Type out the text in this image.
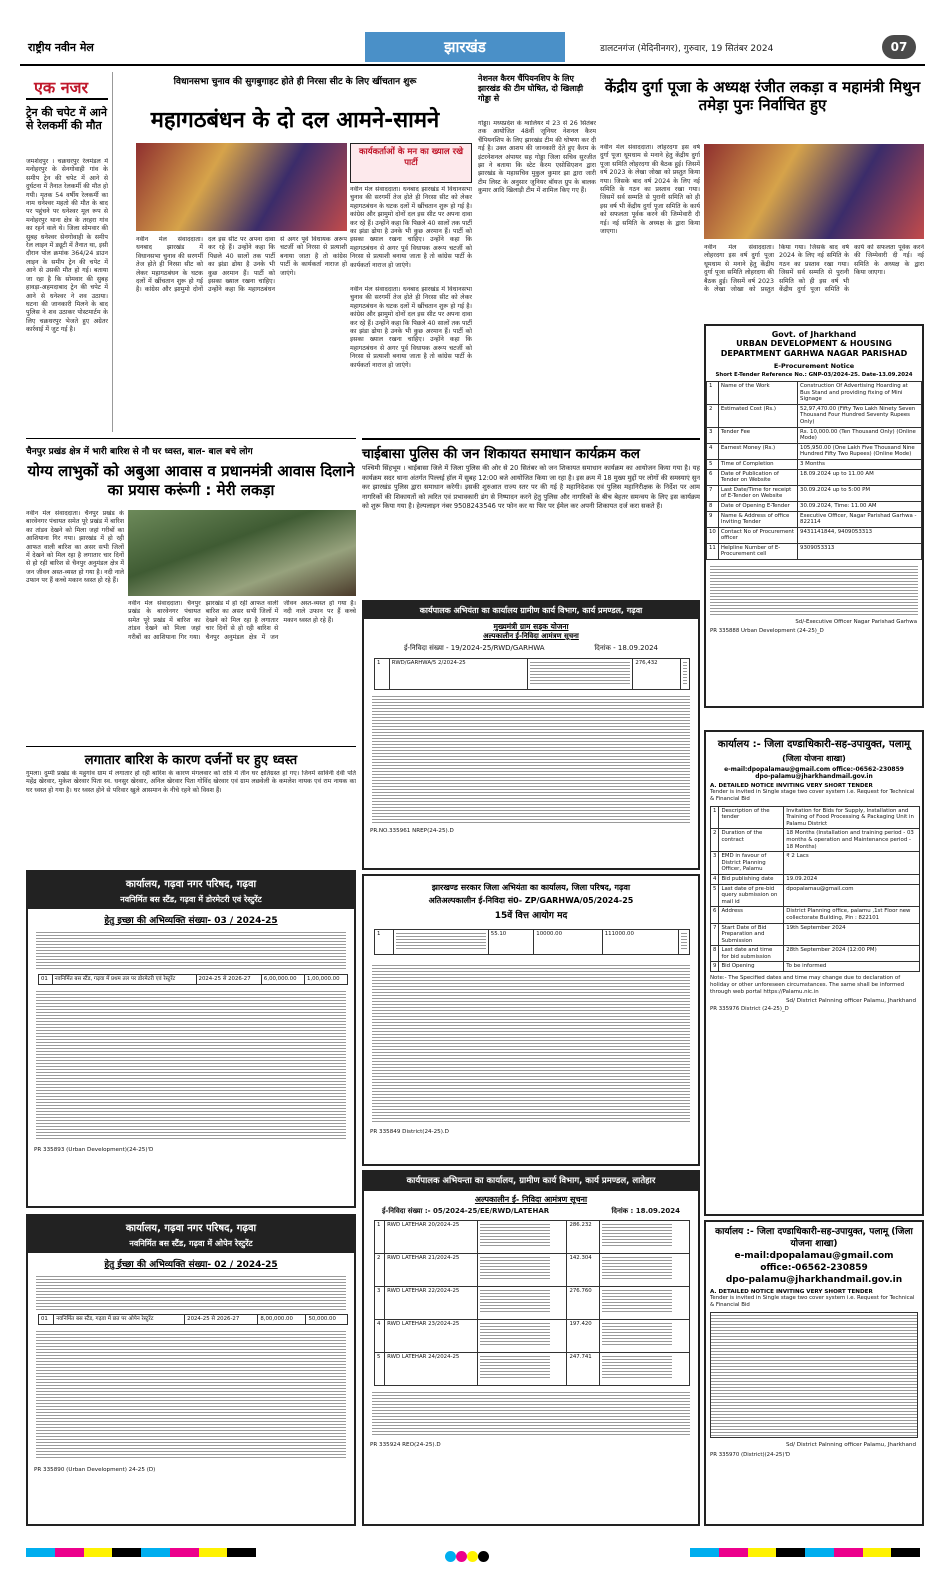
राष्ट्रीय नवीन मेल	झारखंड	डालटनगंज (मेदिनीनगर), गुरुवार, 19 सितंबर 2024	07
एक नजर
ट्रेन की चपेट में आने से रेलकर्मी की मौत
जमशेदपुर । चक्रधरपुर रेलमंडल में मनोहरपुर के सेनगोवाही गांव के समीप ट्रेन की चपेट में आने से दुर्घटना में तैनात रेलकर्मी की मौत हो गयी। मृतक 54 वर्षीय रेलकर्मी का नाम धनेश्वर महतो की मौत के बाद पर पहुंचने पर धनेश्वर मूल रूप से मनोहरपुर थाना क्षेत्र के तरहरा गांव का रहने वाले थे। जिला सोमवार की सुबह धनेश्वर सेनगोवाही के समीप रेल लाइन में ड्यूटी में तैनात था, इसी दौरान पोल क्रमांक 364/24 डाउन लाइन के समीप ट्रेन की चपेट में आने से उसकी मौत हो गई। बताया जा रहा है कि सोमवार की सुबह हावड़ा-अहमदाबाद ट्रेन की चपेट में आने से धनेश्वर ने शव उठाया। घटना की जानकारी मिलने के बाद पुलिस ने शव उठाकर पोस्टमार्टम के लिए चक्रधरपुर भेजते हुए अग्रेतर कार्रवाई में जुट गई है।
विधानसभा चुनाव की सुगबुगाहट होते ही निरसा सीट के लिए खींचतान शुरू
महागठबंधन के दो दल आमने-सामने
कार्यकर्ताओं के मन का ख्याल रखे पार्टी
नवीन मेल संवाददाता। धनबाद झारखंड में विधानसभा चुनाव की सरगर्मी तेज होते ही निरसा सीट को लेकर महागठबंधन के घटक दलों में खींचतान शुरू हो गई है। कांग्रेस और झामुमो दोनों दल इस सीट पर अपना दावा कर रहे हैं। उन्होंने कहा कि पिछले 40 सालों तक पार्टी का झंडा ढोया है उनके भी कुछ अरमान हैं। पार्टी को इसका ख्याल रखना चाहिए। उन्होंने कहा कि महागठबंधन से अगर पूर्व विधायक अरूप चटर्जी को निरसा से प्रत्याशी बनाया जाता है तो कांग्रेस पार्टी के कार्यकर्ता नाराज हो जाएंगे।
नवीन मेल संवाददाता। धनबाद झारखंड में विधानसभा चुनाव की सरगर्मी तेज होते ही निरसा सीट को लेकर महागठबंधन के घटक दलों में खींचतान शुरू हो गई है। कांग्रेस और झामुमो दोनों दल इस सीट पर अपना दावा कर रहे हैं। उन्होंने कहा कि पिछले 40 सालों तक पार्टी का झंडा ढोया है उनके भी कुछ अरमान हैं। पार्टी को इसका ख्याल रखना चाहिए। उन्होंने कहा कि महागठबंधन से अगर पूर्व विधायक अरूप चटर्जी को निरसा से प्रत्याशी बनाया जाता है तो कांग्रेस पार्टी के कार्यकर्ता नाराज हो जाएंगे।
नवीन मेल संवाददाता। धनबाद झारखंड में विधानसभा चुनाव की सरगर्मी तेज होते ही निरसा सीट को लेकर महागठबंधन के घटक दलों में खींचतान शुरू हो गई है। कांग्रेस और झामुमो दोनों दल इस सीट पर अपना दावा कर रहे हैं। उन्होंने कहा कि पिछले 40 सालों तक पार्टी का झंडा ढोया है उनके भी कुछ अरमान हैं। पार्टी को इसका ख्याल रखना चाहिए। उन्होंने कहा कि महागठबंधन से अगर पूर्व विधायक अरूप चटर्जी को निरसा से प्रत्याशी बनाया जाता है तो कांग्रेस पार्टी के कार्यकर्ता नाराज हो जाएंगे।
नेशनल कैरम चैंपियनशिप के लिए झारखंड की टीम घोषित, दो खिलाड़ी गोड्डा से
गोड्डा। मध्यप्रदेश के ग्वालियर में 23 से 26 सितंबर तक आयोजित 48वीं जूनियर नेशनल कैरम चैंपियनशिप के लिए झारखंड टीम की घोषणा कर दी गई है। उक्त आशय की जानकारी देते हुए कैरम के इंटरनेशनल अंपायर सह गोड्डा जिला सचिव सुरजीत झा ने बताया कि स्टेट कैरम एसोसिएशन द्वारा झारखंड के महासचिव मुकुल कुमार झा द्वारा जारी टीम लिस्ट के अनुसार जूनियर बॉयज ग्रुप के बालक कुमार आदि खिलाड़ी टीम में शामिल किए गए हैं।
केंद्रीय दुर्गा पूजा के अध्यक्ष रंजीत लकड़ा व महामंत्री मिथुन तमेड़ा पुनः निर्वाचित हुए
नवीन मेल संवाददाता। लोहरदगा इस वर्ष दुर्गा पूजा धूमधाम से मनाने हेतु केंद्रीय दुर्गा पूजा समिति लोहरदगा की बैठक हुई। जिसमें वर्ष 2023 के लेखा जोखा को प्रस्तुत किया गया। जिसके बाद वर्ष 2024 के लिए नई समिति के गठन का प्रस्ताव रखा गया। जिसमें सर्व सम्मति से पुरानी समिति को ही इस वर्ष भी केंद्रीय दुर्गा पूजा समिति के कार्य को सफलता पूर्वक करने की जिम्मेवारी दी गई। नई समिति के अध्यक्ष के द्वारा किया जाएगा।
नवीन मेल संवाददाता। लोहरदगा इस वर्ष दुर्गा पूजा धूमधाम से मनाने हेतु केंद्रीय दुर्गा पूजा समिति लोहरदगा की बैठक हुई। जिसमें वर्ष 2023 के लेखा जोखा को प्रस्तुत किया गया। जिसके बाद वर्ष 2024 के लिए नई समिति के गठन का प्रस्ताव रखा गया। जिसमें सर्व सम्मति से पुरानी समिति को ही इस वर्ष भी केंद्रीय दुर्गा पूजा समिति के कार्य को सफलता पूर्वक करने की जिम्मेवारी दी गई। नई समिति के अध्यक्ष के द्वारा किया जाएगा।
Govt. of Jharkhand
URBAN DEVELOPMENT & HOUSING DEPARTMENT GARHWA NAGAR PARISHAD
E-Procurement Notice
Short E-Tender Reference No.: GNP-03/2024-25. Date-13.09.2024
1	Name of the Work	Construction Of Advertising Hoarding at Bus Stand and providing fixing of Mini Signage
2	Estimated Cost (Rs.)	52,97,470.00 (Fifty Two Lakh Ninety Seven Thousand Four Hundred Seventy Rupees Only)
3	Tender Fee	Rs. 10,000.00 (Ten Thousand Only) (Online Mode)
4	Earnest Money (Rs.)	105,950.00 (One Lakh Five Thousand Nine Hundred Fifty Two Rupees) (Online Mode)
5	Time of Completion	3 Months
6	Date of Publication of Tender on Website	18.09.2024 up to 11.00 AM
7	Last Date/Time for receipt of E-Tender on Website	30.09.2024 up to 5:00 PM
8	Date of Opening E-Tender	30.09.2024, Time: 11.00 AM
9	Name & Address of office Inviting Tender	Executive Officer, Nagar Parishad Garhwa - 822114
10	Contact No of Procurement officer	9431141844, 9409053313
11	Helpline Number of E-Procurement cell	9309053313
Sd/-Executive Officer Nagar Parishad Garhwa
PR 335888 Urban Development (24-25)_D
चाईबासा पुलिस की जन शिकायत समाधान कार्यक्रम कल
पश्चिमी सिंहभूम । चाईबासा जिले में जिला पुलिस की ओर से 20 सितंबर को जन शिकायत समाधान कार्यक्रम का आयोजन किया गया है। यह कार्यक्रम सदर थाना अंतर्गत पिल्लई हॉल में सुबह 12:00 बजे आयोजित किया जा रहा है। इस क्रम में 18 मुख्य मुद्दों पर लोगों की समस्याएं सुन कर झारखंड पुलिस द्वारा समाधान करेगी। इसकी शुरुआत राज्य स्तर पर की गई है महानिदेशक एवं पुलिस महानिरीक्षक के निर्देश पर आम नागरिकों की शिकायतों को त्वरित एवं प्रभावकारी ढंग से निष्पादन करने हेतु पुलिस और नागरिकों के बीच बेहतर समन्वय के लिए इस कार्यक्रम को शुरू किया गया है। हेल्पलाइन नंबर 9508243546 पर फोन कर या फिर पर ईमेल कर अपनी शिकायत दर्ज करा सकते हैं।
चैनपुर प्रखंड क्षेत्र में भारी बारिश से नौ घर ध्वस्त, बाल- बाल बचे लोग
योग्य लाभुकों को अबुआ आवास व प्रधानमंत्री आवास दिलाने का प्रयास करूंगी : मेरी लकड़ा
नवीन मेल संवाददाता। चैनपुर प्रखंड के बारवेनगर पंचायत समेत पूरे प्रखंड में बारिश का तांडव देखने को मिला जहां गरीबों का आशियाना गिर गया। झारखंड में हो रही आफत वाली बारिश का असर सभी जिलों में देखने को मिल रहा है लगातार चार दिनों से हो रही बारिश से चैनपुर अनुमंडल क्षेत्र में जन जीवन अस्त-व्यस्त हो गया है। नदी नाले उफान पर हैं कच्चे मकान ध्वस्त हो रहे हैं।
नवीन मेल संवाददाता। चैनपुर प्रखंड के बारवेनगर पंचायत समेत पूरे प्रखंड में बारिश का तांडव देखने को मिला जहां गरीबों का आशियाना गिर गया। झारखंड में हो रही आफत वाली बारिश का असर सभी जिलों में देखने को मिल रहा है लगातार चार दिनों से हो रही बारिश से चैनपुर अनुमंडल क्षेत्र में जन जीवन अस्त-व्यस्त हो गया है। नदी नाले उफान पर हैं कच्चे मकान ध्वस्त हो रहे हैं।
लगातार बारिश के कारण दर्जनों घर हुए ध्वस्त
गुमला। दुम्मी प्रखंड के महुगांव ग्राम में लगातार हो रही बारिश के कारण मंगलवार को रात्रि में तीन घर क्षतिग्रस्त हो गए। जिनमें साविनी देवी पति महेंद्र खेरवार, मुकेश खेरवार पिता स्व. धनसुर खेरवार, अनिल खेरवार पिता गोविंद खेरवार एवं ग्राम लछवेली के कमलेश नायक एवं राम नायक का घर ध्वस्त हो गया है। घर ध्वस्त होने से परिवार खुले आसमान के नीचे रहने को विवश हैं।
कार्यपालक अभियंता का कार्यालय ग्रामीण कार्य विभाग, कार्य प्रमण्डल, गढ़वा
मुख्यमंत्री ग्राम सड़क योजना
अल्पकालीन ई-निविदा आमंत्रण सूचना
ई-निविदा संख्या - 19/2024-25/RWD/GARHWA	दिनांक - 18.09.2024
1	RWD/GARHWA/5 2/2024-25		276,432	
PR.NO.335961 NREP(24-25).D
कार्यालय, गढ़वा नगर परिषद, गढ़वा
नवनिर्मित बस स्टैंड, गढ़वा में डोरमेटरी एवं रेस्टुरेंट
हेतु इच्छा की अभिव्यक्ति संख्या- 03 / 2024-25
01	नवनिर्मित बस स्टैंड, गढ़वा में प्रथम तल पर डोरमेटरी एवं रेस्टुरेंट	2024-25 से 2026-27	6,00,000.00	1,00,000.00
PR 335893 (Urban Development)(24-25)'D
झारखण्ड सरकार जिला अभियंता का कार्यालय, जिला परिषद, गढ़वा
अतिअल्पकालीन ई-निविदा सं0- ZP/GARHWA/05/2024-25
15वें वित्त आयोग मद
1		55.10	10000.00	111000.00	
PR 335849 District(24-25).D
कार्यालय, गढ़वा नगर परिषद, गढ़वा
नवनिर्मित बस स्टैंड, गढ़वा में ओपेन रेस्टुरेंट
हेतु ईच्छा की अभिव्यक्ति संख्या- 02 / 2024-25
01	नवनिर्मित बस स्टैंड, गढ़वा में छत पर ओपेन रेस्टुरेंट	2024-25 से 2026-27	8,00,000.00	50,000.00
PR 335890 (Urban Development) 24-25 (D)
कार्यपालक अभियन्ता का कार्यालय, ग्रामीण कार्य विभाग, कार्य प्रमण्डल, लातेहार
अल्पकालीन ई- निविदा आमंत्रण सूचना
ई-निविदा संख्या :- 05/2024-25/EE/RWD/LATEHAR	दिनांक : 18.09.2024
1	RWD LATEHAR 20/2024-25		286.232	

2	RWD LATEHAR 21/2024-25		142.304	

3	RWD LATEHAR 22/2024-25		276.760	

4	RWD LATEHAR 23/2024-25		197.420	

5	RWD LATEHAR 24/2024-25		247.741	
PR 335924 REO(24-25).D
कार्यालय :- जिला दण्डाधिकारी-सह-उपायुक्त, पलामू
(जिला योजना शाखा)
e-mail:dpopalamau@gmail.com office:-06562-230859
dpo-palamu@jharkhandmail.gov.in
A. DETAILED NOTICE INVITING VERY SHORT TENDER
Tender is invited in Single stage two cover system i.e. Request for Technical & Financial Bid
1	Description of the tender	Invitation for Bids for Supply, Installation and Training of Food Processing & Packaging Unit in Palamu District
2	Duration of the contract	18 Months (Installation and training period - 03 months & operation and Maintenance period - 18 Months)
3	EMD in favour of District Planning Officer, Palamu	₹ 2 Lacs
4	Bid publishing date	19.09.2024
5	Last date of pre-bid query submission on mail id	dpopalamau@gmail.com
6	Address	District Planning office, palamu ,1st Floor new collectorate Building, Pin : 822101
7	Start Date of Bid Preparation and Submission	19th September 2024
8	Last date and time for bid submission	28th September 2024 (12:00 PM)
9	Bid Opening	To be informed
Note:- The Specified dates and time may change due to declaration of holiday or other unforeseen circumstances. The same shall be informed through web portal https://Palamu.nic.in
Sd/ District Palnning officer Palamu, Jharkhand
PR 335976 District (24-25)_D
कार्यालय :- जिला दण्डाधिकारी-सह-उपायुक्त, पलामू (जिला योजना शाखा)
e-mail:dpopalamau@gmail.com
office:-06562-230859
dpo-palamu@jharkhandmail.gov.in
A. DETAILED NOTICE INVITING VERY SHORT TENDER
Tender is invited in Single stage two cover system i.e. Request for Technical & Financial Bid
Sd/ District Palnning officer Palamu, Jharkhand
PR 335970 (District)(24-25)'D
